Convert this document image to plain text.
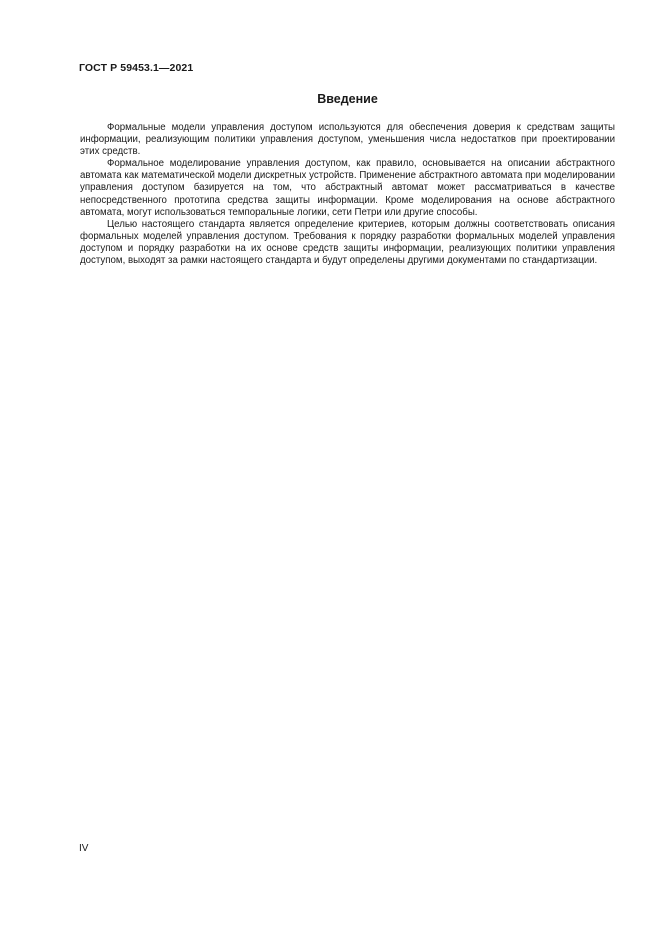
ГОСТ Р 59453.1—2021
Введение

Формальные модели управления доступом используются для обеспечения доверия к средствам защиты информации, реализующим политики управления доступом, уменьшения числа недостатков при проектировании этих средств.

Формальное моделирование управления доступом, как правило, основывается на описании абстрактного автомата как математической модели дискретных устройств. Применение абстрактного автомата при моделировании управления доступом базируется на том, что абстрактный автомат может рассматриваться в качестве непосредственного прототипа средства защиты информации. Кроме моделирования на основе абстрактного автомата, могут использоваться темпоральные логики, сети Петри или другие способы.

Целью настоящего стандарта является определение критериев, которым должны соответствовать описания формальных моделей управления доступом. Требования к порядку разработки формальных моделей управления доступом и порядку разработки на их основе средств защиты информации, реализующих политики управления доступом, выходят за рамки настоящего стандарта и будут определены другими документами по стандартизации.

IV
